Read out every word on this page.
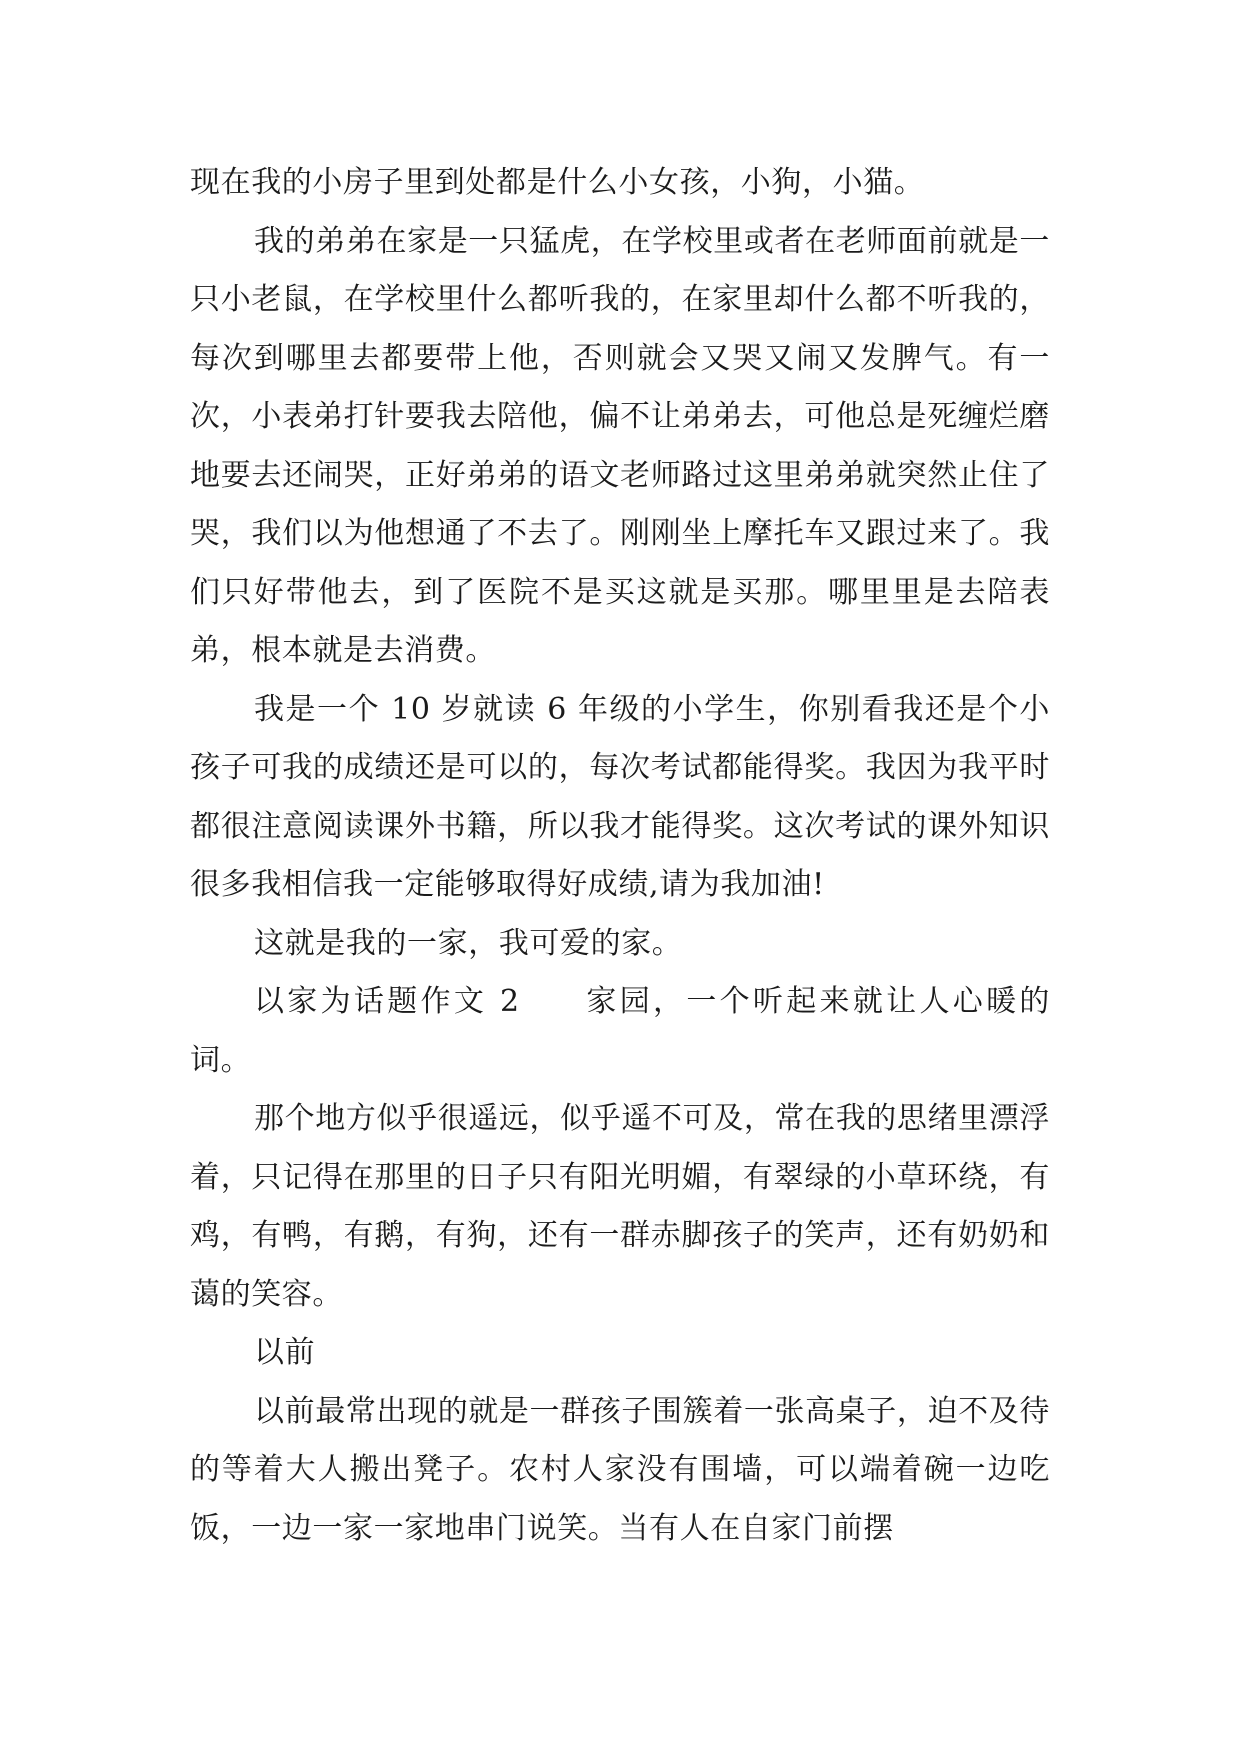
现在我的小房子里到处都是什么小女孩，小狗，小猫。

我的弟弟在家是一只猛虎，在学校里或者在老师面前就是一只小老鼠，在学校里什么都听我的，在家里却什么都不听我的，每次到哪里去都要带上他，否则就会又哭又闹又发脾气。有一次，小表弟打针要我去陪他，偏不让弟弟去，可他总是死缠烂磨地要去还闹哭，正好弟弟的语文老师路过这里弟弟就突然止住了哭，我们以为他想通了不去了。刚刚坐上摩托车又跟过来了。我们只好带他去，到了医院不是买这就是买那。哪里里是去陪表弟，根本就是去消费。

我是一个 10 岁就读 6 年级的小学生，你别看我还是个小孩子可我的成绩还是可以的，每次考试都能得奖。我因为我平时都很注意阅读课外书籍，所以我才能得奖。这次考试的课外知识很多我相信我一定能够取得好成绩,请为我加油!

这就是我的一家，我可爱的家。

以家为话题作文 2 家园，一个听起来就让人心暖的词。

那个地方似乎很遥远，似乎遥不可及，常在我的思绪里漂浮着，只记得在那里的日子只有阳光明媚，有翠绿的小草环绕，有鸡，有鸭，有鹅，有狗，还有一群赤脚孩子的笑声，还有奶奶和蔼的笑容。

以前

以前最常出现的就是一群孩子围簇着一张高桌子，迫不及待的等着大人搬出凳子。农村人家没有围墙，可以端着碗一边吃饭，一边一家一家地串门说笑。当有人在自家门前摆
